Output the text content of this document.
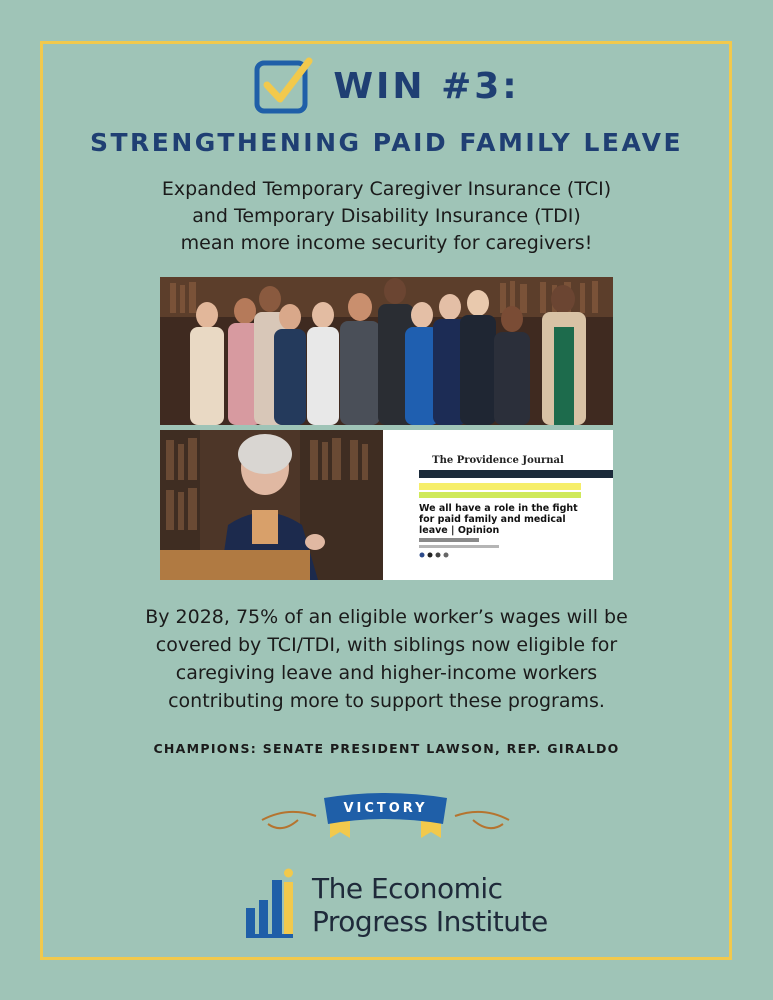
WIN #3:
STRENGTHENING PAID FAMILY LEAVE
Expanded Temporary Caregiver Insurance (TCI)
and Temporary Disability Insurance (TDI)
mean more income security for caregivers!
The Providence Journal
We all have a role in the fight for paid family and medical leave | Opinion
By 2028, 75% of an eligible worker’s wages will be
covered by TCI/TDI, with siblings now eligible for
caregiving leave and higher-income workers
contributing more to support these programs.
CHAMPIONS: SENATE PRESIDENT LAWSON, REP. GIRALDO
VICTORY
The Economic
Progress Institute
